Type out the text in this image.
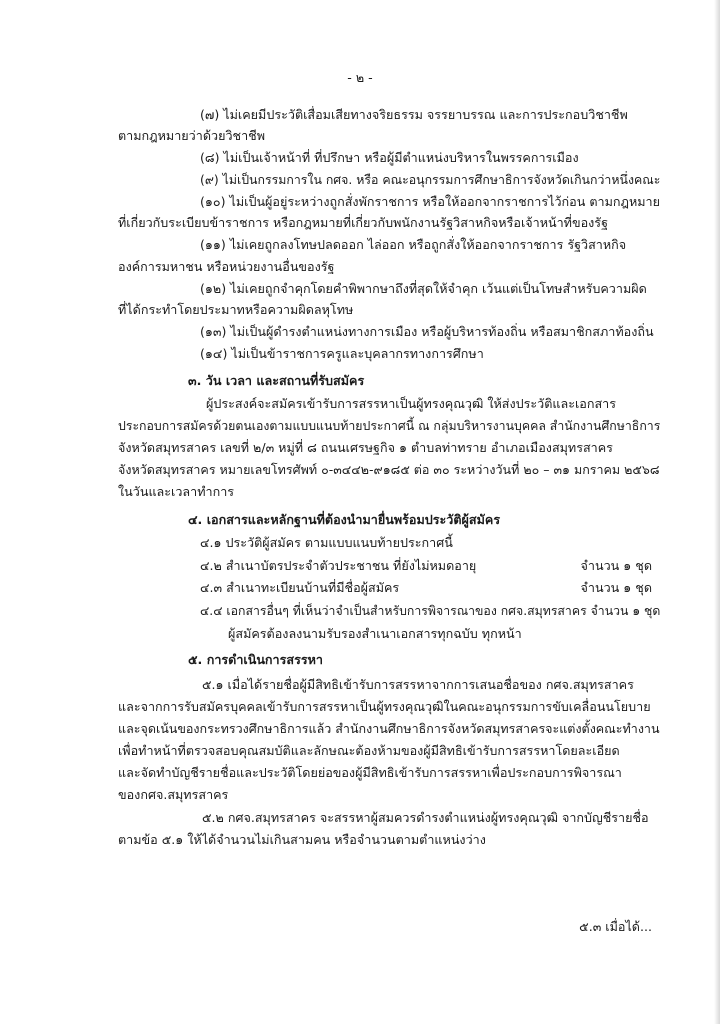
- ๒ -
(๗) ไม่เคยมีประวัติเสื่อมเสียทางจริยธรรม จรรยาบรรณ และการประกอบวิชาชีพ
ตามกฎหมายว่าด้วยวิชาชีพ
(๘) ไม่เป็นเจ้าหน้าที่ ที่ปรึกษา หรือผู้มีตำแหน่งบริหารในพรรคการเมือง
(๙) ไม่เป็นกรรมการใน กศจ. หรือ คณะอนุกรรมการศึกษาธิการจังหวัดเกินกว่าหนึ่งคณะ
(๑๐) ไม่เป็นผู้อยู่ระหว่างถูกสั่งพักราชการ หรือให้ออกจากราชการไว้ก่อน ตามกฎหมาย
ที่เกี่ยวกับระเบียบข้าราชการ หรือกฎหมายที่เกี่ยวกับพนักงานรัฐวิสาหกิจหรือเจ้าหน้าที่ของรัฐ
(๑๑) ไม่เคยถูกลงโทษปลดออก ไล่ออก หรือถูกสั่งให้ออกจากราชการ รัฐวิสาหกิจ
องค์การมหาชน หรือหน่วยงานอื่นของรัฐ
(๑๒) ไม่เคยถูกจำคุกโดยคำพิพากษาถึงที่สุดให้จำคุก เว้นแต่เป็นโทษสำหรับความผิด
ที่ได้กระทำโดยประมาทหรือความผิดลหุโทษ
(๑๓) ไม่เป็นผู้ดำรงตำแหน่งทางการเมือง หรือผู้บริหารท้องถิ่น หรือสมาชิกสภาท้องถิ่น
(๑๔) ไม่เป็นข้าราชการครูและบุคลากรทางการศึกษา
๓. วัน เวลา และสถานที่รับสมัคร
ผู้ประสงค์จะสมัครเข้ารับการสรรหาเป็นผู้ทรงคุณวุฒิ ให้ส่งประวัติและเอกสาร
ประกอบการสมัครด้วยตนเองตามแบบแนบท้ายประกาศนี้ ณ กลุ่มบริหารงานบุคคล สำนักงานศึกษาธิการ
จังหวัดสมุทรสาคร เลขที่ ๒/๓ หมู่ที่ ๘ ถนนเศรษฐกิจ ๑ ตำบลท่าทราย อำเภอเมืองสมุทรสาคร
จังหวัดสมุทรสาคร หมายเลขโทรศัพท์ ๐-๓๔๔๒-๙๑๘๕ ต่อ ๓๐ ระหว่างวันที่ ๒๐ – ๓๑ มกราคม ๒๕๖๘
ในวันและเวลาทำการ
๔. เอกสารและหลักฐานที่ต้องนำมายื่นพร้อมประวัติผู้สมัคร
๔.๑ ประวัติผู้สมัคร ตามแบบแนบท้ายประกาศนี้
๔.๒ สำเนาบัตรประจำตัวประชาชน ที่ยังไม่หมดอายุ	จำนวน ๑ ชุด
๔.๓ สำเนาทะเบียนบ้านที่มีชื่อผู้สมัคร	จำนวน ๑ ชุด
๔.๔ เอกสารอื่นๆ ที่เห็นว่าจำเป็นสำหรับการพิจารณาของ กศจ.สมุทรสาคร จำนวน ๑ ชุด
ผู้สมัครต้องลงนามรับรองสำเนาเอกสารทุกฉบับ ทุกหน้า
๕. การดำเนินการสรรหา
๕.๑ เมื่อได้รายชื่อผู้มีสิทธิเข้ารับการสรรหาจากการเสนอชื่อของ กศจ.สมุทรสาคร
และจากการรับสมัครบุคคลเข้ารับการสรรหาเป็นผู้ทรงคุณวุฒิในคณะอนุกรรมการขับเคลื่อนนโยบาย
และจุดเน้นของกระทรวงศึกษาธิการแล้ว สำนักงานศึกษาธิการจังหวัดสมุทรสาครจะแต่งตั้งคณะทำงาน
เพื่อทำหน้าที่ตรวจสอบคุณสมบัติและลักษณะต้องห้ามของผู้มีสิทธิเข้ารับการสรรหาโดยละเอียด
และจัดทำบัญชีรายชื่อและประวัติโดยย่อของผู้มีสิทธิเข้ารับการสรรหาเพื่อประกอบการพิจารณา
ของกศจ.สมุทรสาคร
๕.๒ กศจ.สมุทรสาคร จะสรรหาผู้สมควรดำรงตำแหน่งผู้ทรงคุณวุฒิ จากบัญชีรายชื่อ
ตามข้อ ๕.๑ ให้ได้จำนวนไม่เกินสามคน หรือจำนวนตามตำแหน่งว่าง
๕.๓ เมื่อได้...
